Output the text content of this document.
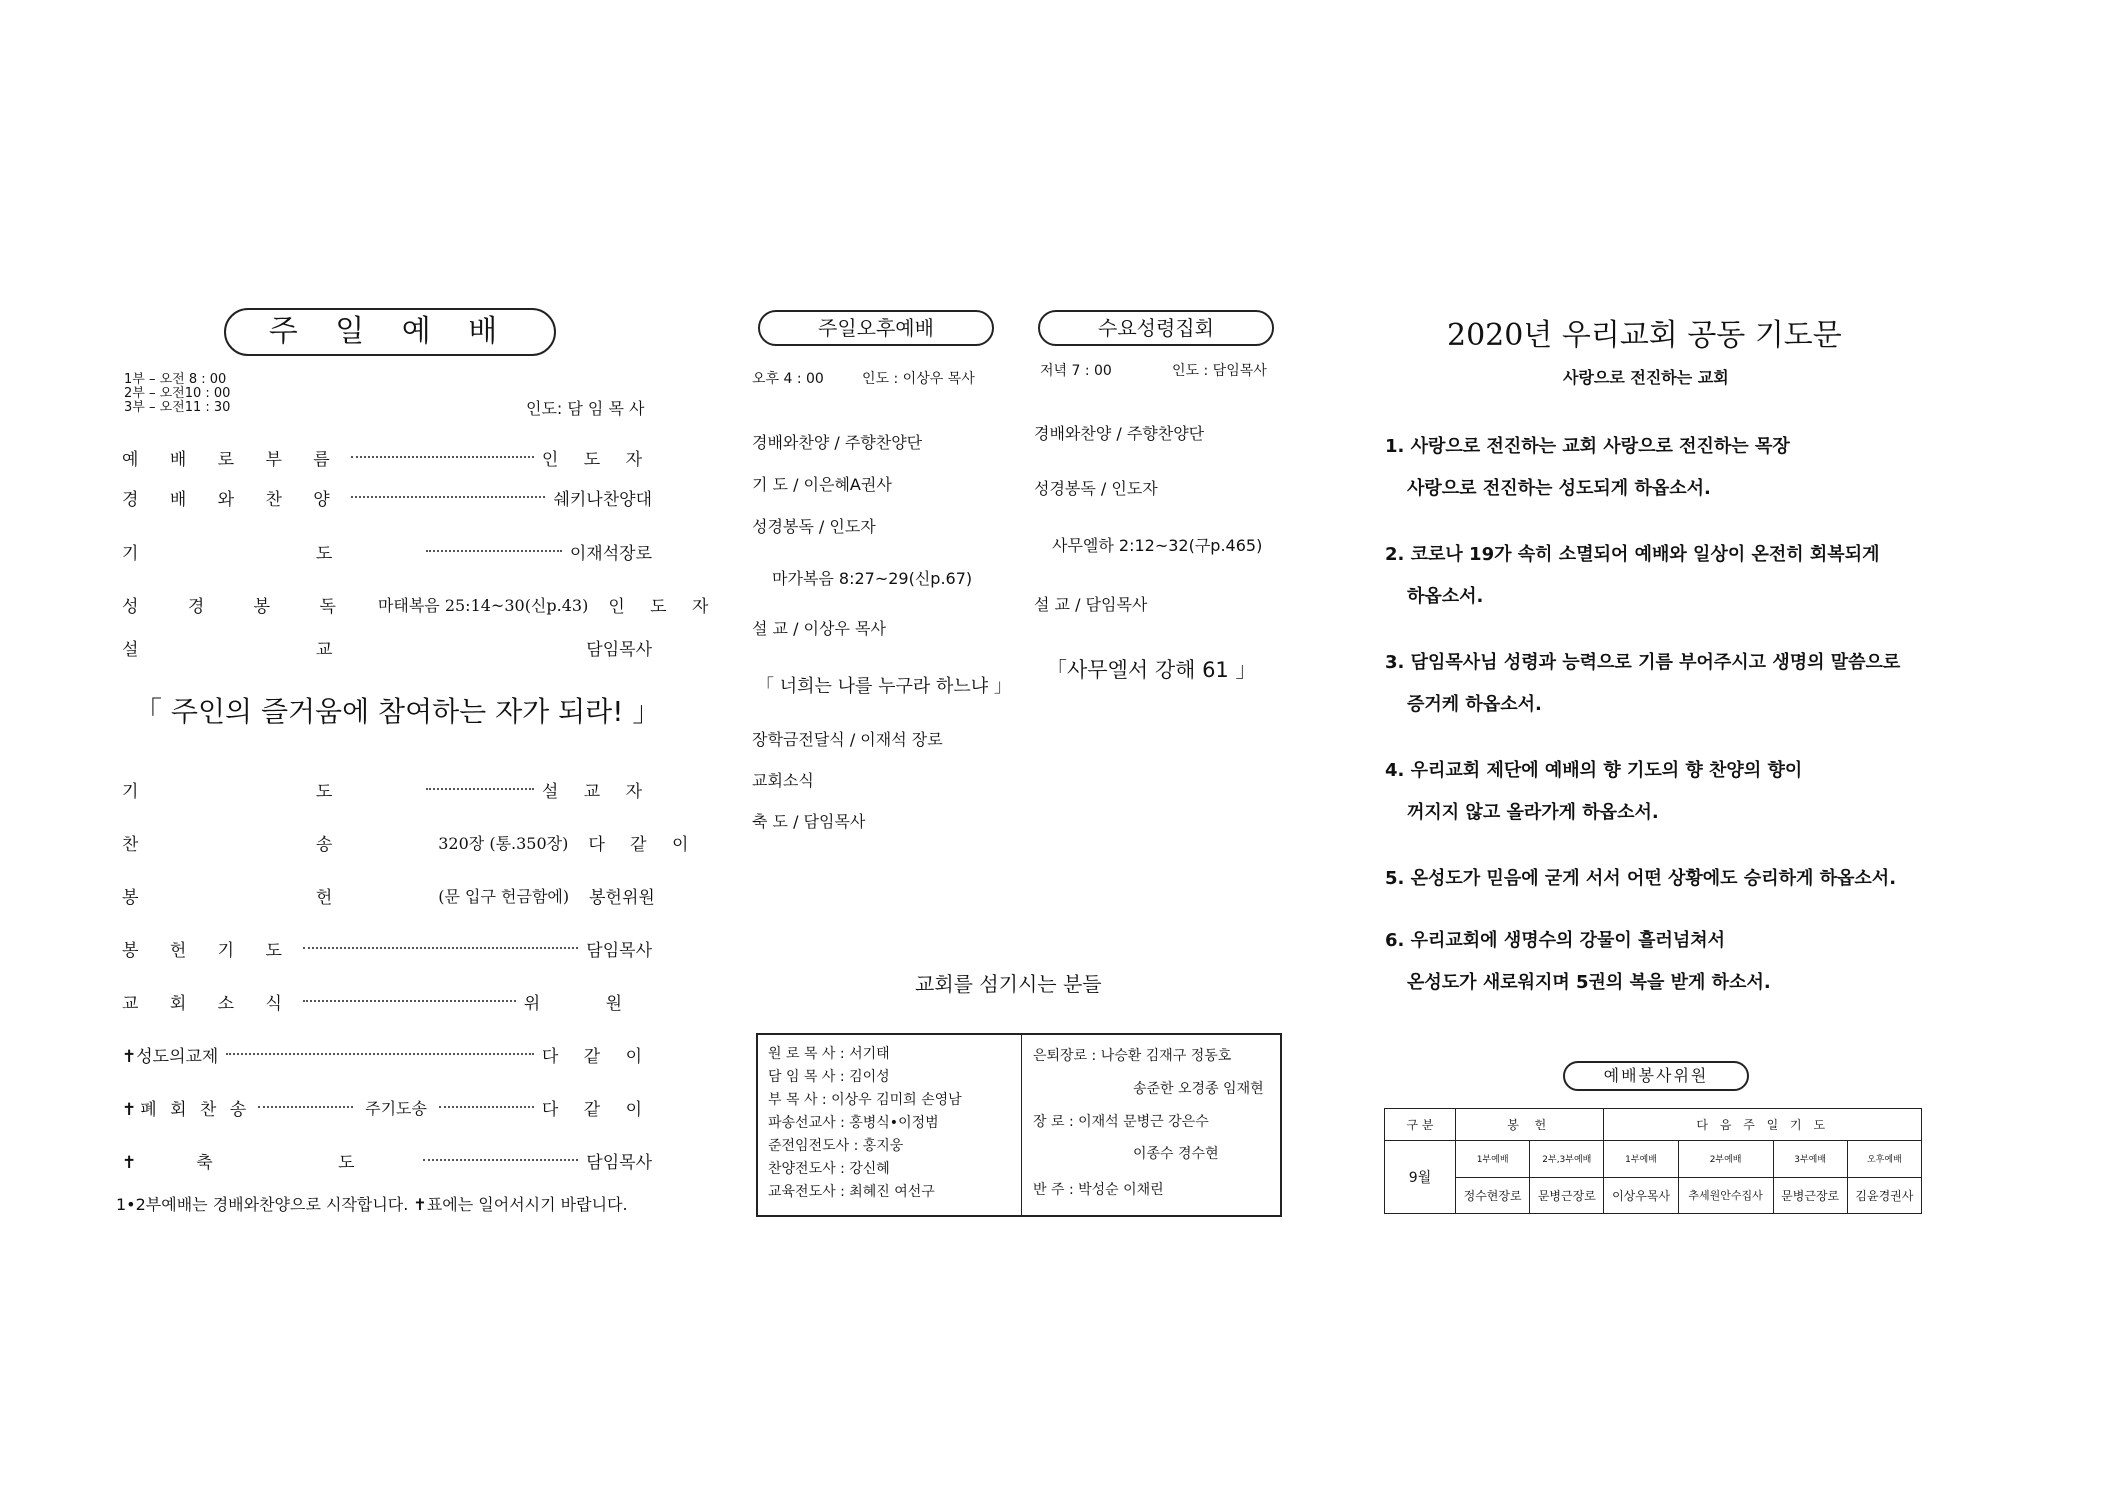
주 일 예 배
1부 – 오전 8 : 00
2부 – 오전10 : 00
3부 – 오전11 : 30	인도: 담 임 목 사
예 배 로 부 름	인 도 자
경 배 와 찬 양	쉐키나찬양대
기 도	이재석장로
성 경 봉 독 마태복음 25:14~30(신p.43) 인 도 자
설 교	담임목사
「 주인의 즐거움에 참여하는 자가 되라! 」
기 도	설 교 자
찬 송 320장 (통.350장) 다 같 이
봉 헌 (문 입구 헌금함에) 봉헌위원
봉 헌 기 도	담임목사
교 회 소 식	위 원
✝성도의교제	다 같 이
✝폐 회 찬 송	주기도송	다 같 이
✝축 도	담임목사
1•2부예배는 경배와찬양으로 시작합니다. ✝표에는 일어서시기 바랍니다.
주일오후예배
오후 4 : 00	인도 : 이상우 목사
경배와찬양 / 주향찬양단
기 도 / 이은혜A권사
성경봉독 / 인도자
마가복음 8:27~29(신p.67)
설 교 / 이상우 목사
「 너희는 나를 누구라 하느냐 」
장학금전달식 / 이재석 장로
교회소식
축 도 / 담임목사
수요성령집회
저녁 7 : 00	인도 : 담임목사
경배와찬양 / 주향찬양단
성경봉독 / 인도자
사무엘하 2:12~32(구p.465)
설 교 / 담임목사
「사무엘서 강해 61 」
교회를 섬기시는 분들
원 로 목 사 : 서기태
담 임 목 사 : 김이성
부 목 사 : 이상우 김미희 손영남
파송선교사 : 홍병식•이정범
준전임전도사 : 홍지웅
찬양전도사 : 강신혜
교육전도사 : 최혜진 여선구
은퇴장로 : 나승환 김재구 정동호
송준한 오경종 임재현
장 로 : 이재석 문병근 강은수
이종수 경수현
반 주 : 박성순 이채린
2020년 우리교회 공동 기도문
사랑으로 전진하는 교회
1. 사랑으로 전진하는 교회 사랑으로 전진하는 목장
사랑으로 전진하는 성도되게 하옵소서.
2. 코로나 19가 속히 소멸되어 예배와 일상이 온전히 회복되게
하옵소서.
3. 담임목사님 성령과 능력으로 기름 부어주시고 생명의 말씀으로
증거케 하옵소서.
4. 우리교회 제단에 예배의 향 기도의 향 찬양의 향이
꺼지지 않고 올라가게 하옵소서.
5. 온성도가 믿음에 굳게 서서 어떤 상황에도 승리하게 하옵소서.
6. 우리교회에 생명수의 강물이 흘러넘쳐서
온성도가 새로워지며 5권의 복을 받게 하소서.
예배봉사위원
구 분	봉 헌		다 음 주 일 기 도			
9월	1부예배	2부,3부예배	1부예배	2부예배	3부예배	오후예배
	정수현장로	문병근장로	이상우목사	추세원안수집사	문병근장로	김윤경권사
